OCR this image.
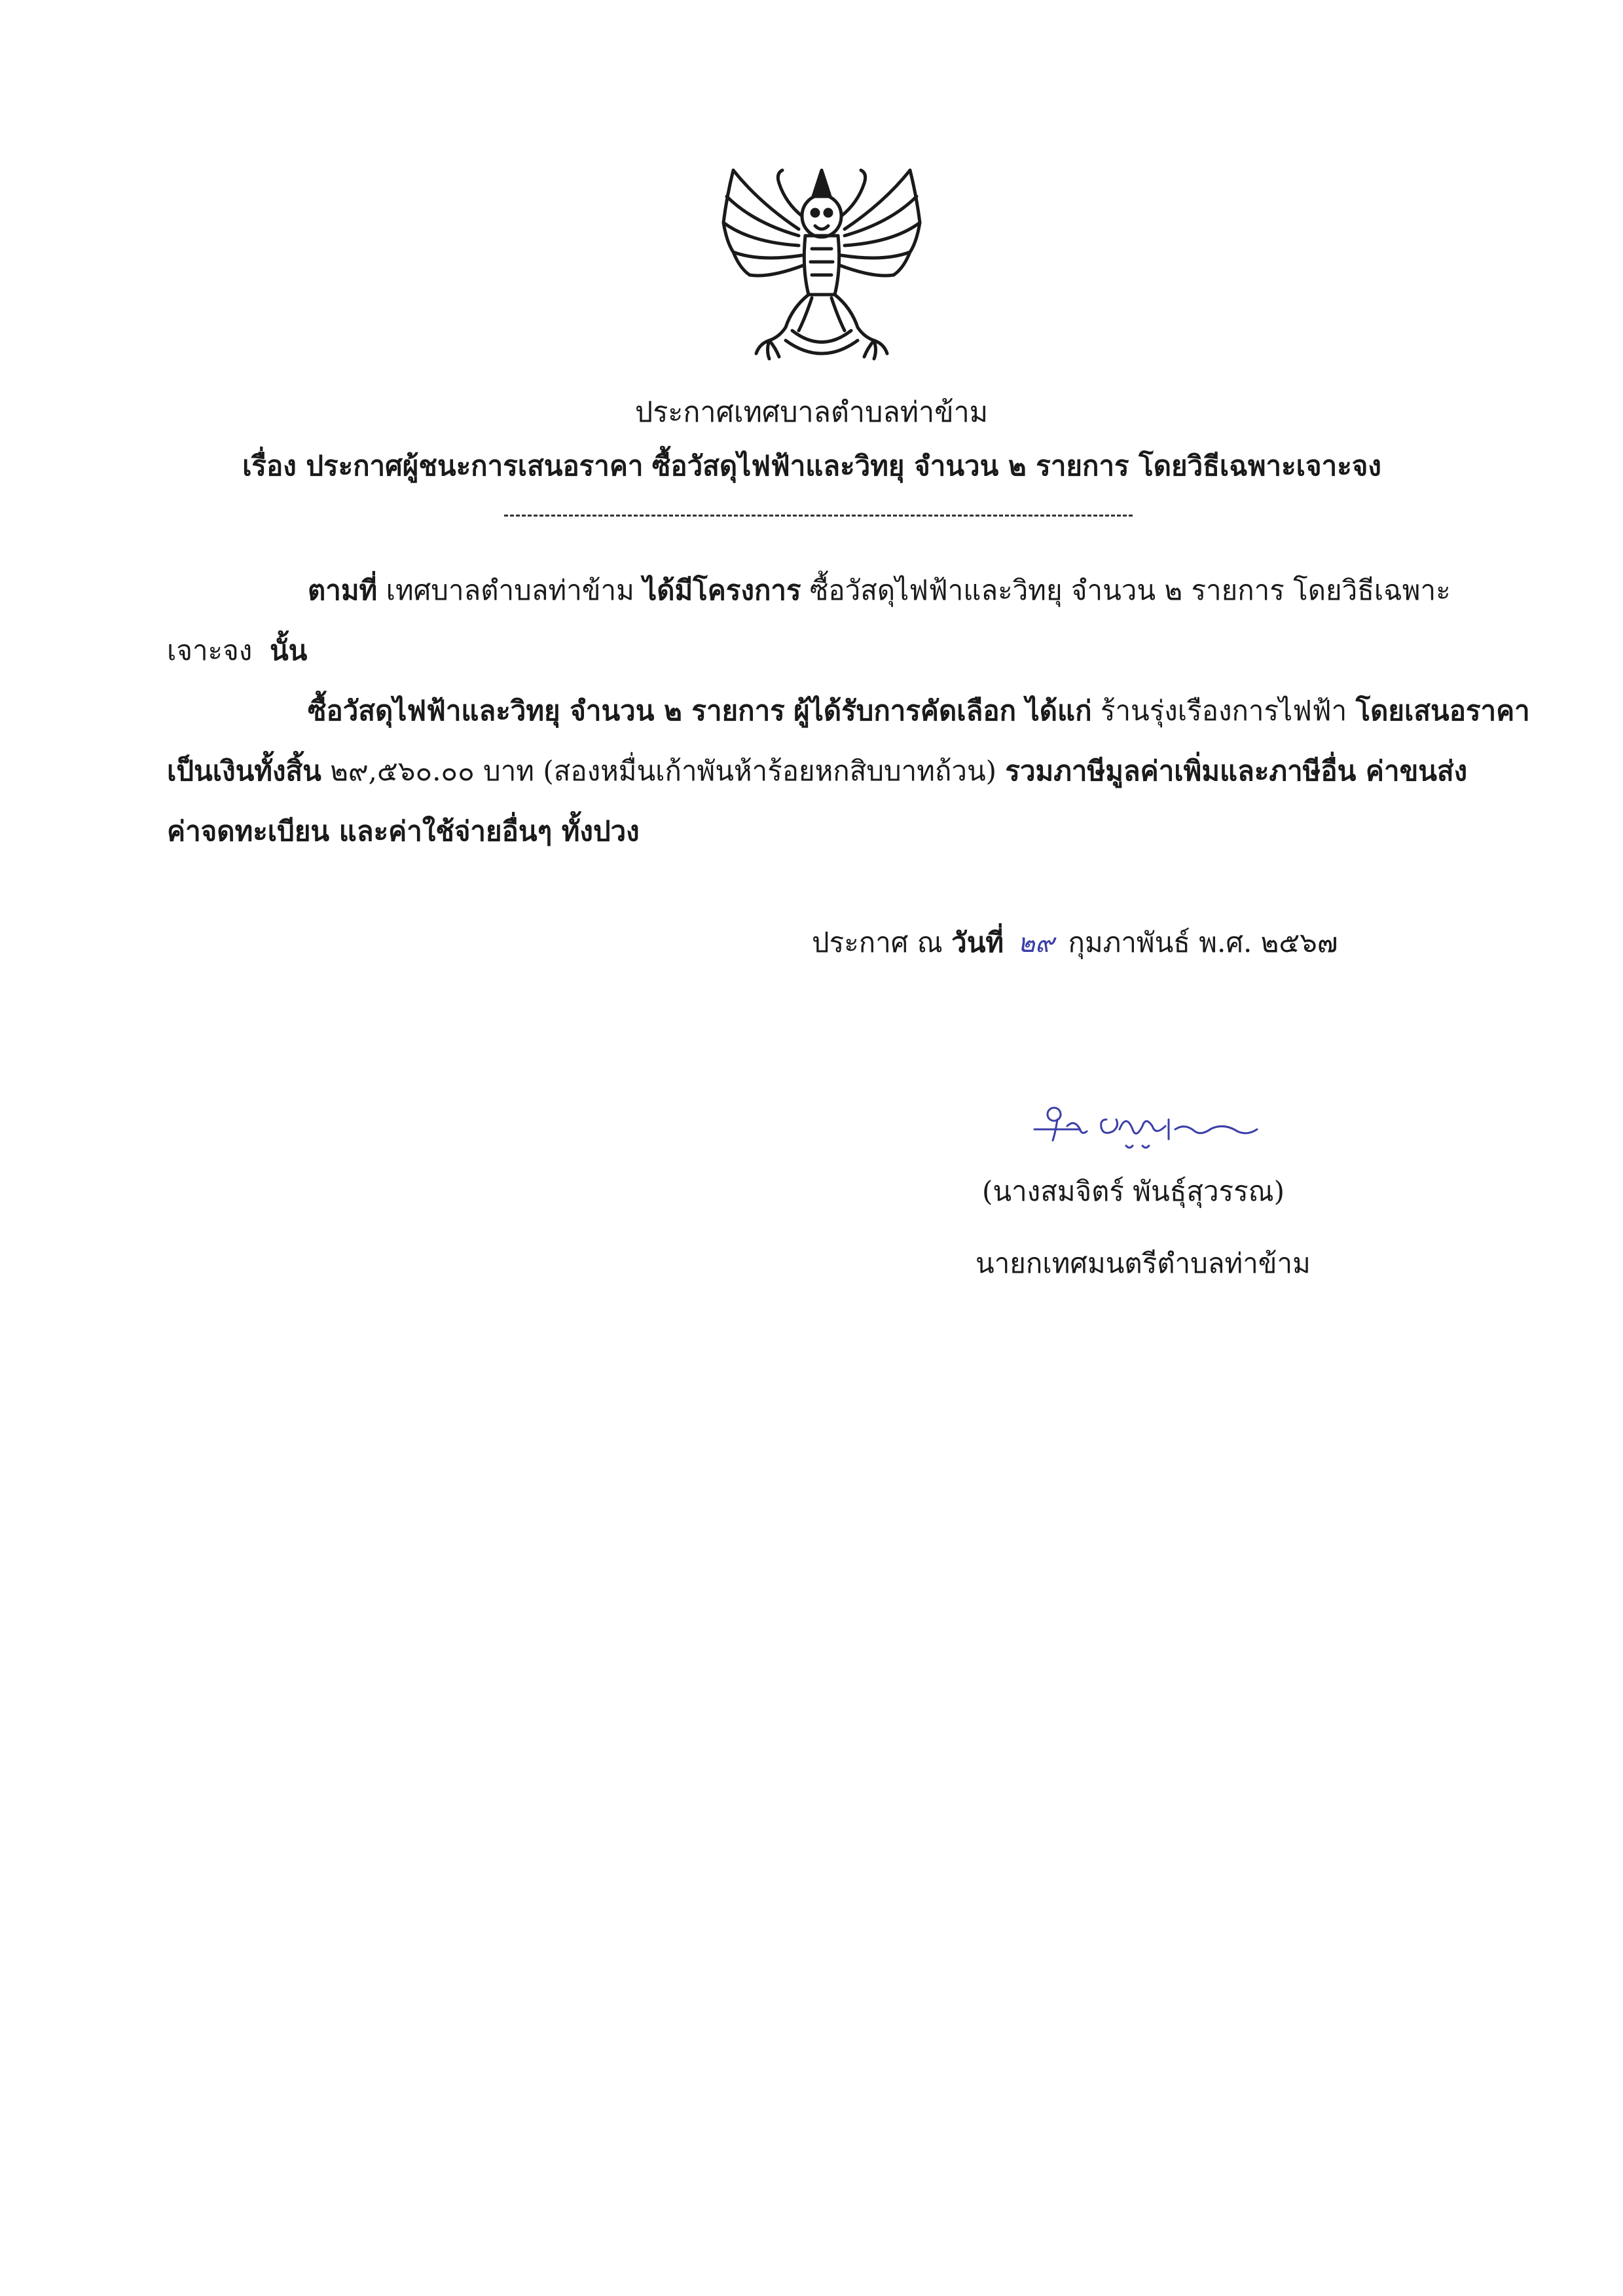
ประกาศเทศบาลตำบลท่าข้าม
เรื่อง ประกาศผู้ชนะการเสนอราคา ซื้อวัสดุไฟฟ้าและวิทยุ จำนวน ๒ รายการ โดยวิธีเฉพาะเจาะจง
ตามที่ เทศบาลตำบลท่าข้าม ได้มีโครงการ ซื้อวัสดุไฟฟ้าและวิทยุ จำนวน ๒ รายการ โดยวิธีเฉพาะ
เจาะจง นั้น
ซื้อวัสดุไฟฟ้าและวิทยุ จำนวน ๒ รายการ ผู้ได้รับการคัดเลือก ได้แก่ ร้านรุ่งเรืองการไฟฟ้า โดยเสนอราคา
เป็นเงินทั้งสิ้น ๒๙,๕๖๐.๐๐ บาท (สองหมื่นเก้าพันห้าร้อยหกสิบบาทถ้วน) รวมภาษีมูลค่าเพิ่มและภาษีอื่น ค่าขนส่ง
ค่าจดทะเบียน และค่าใช้จ่ายอื่นๆ ทั้งปวง
ประกาศ ณ วันที่ ๒๙ กุมภาพันธ์ พ.ศ. ๒๕๖๗
(นางสมจิตร์ พันธุ์สุวรรณ)
นายกเทศมนตรีตำบลท่าข้าม
